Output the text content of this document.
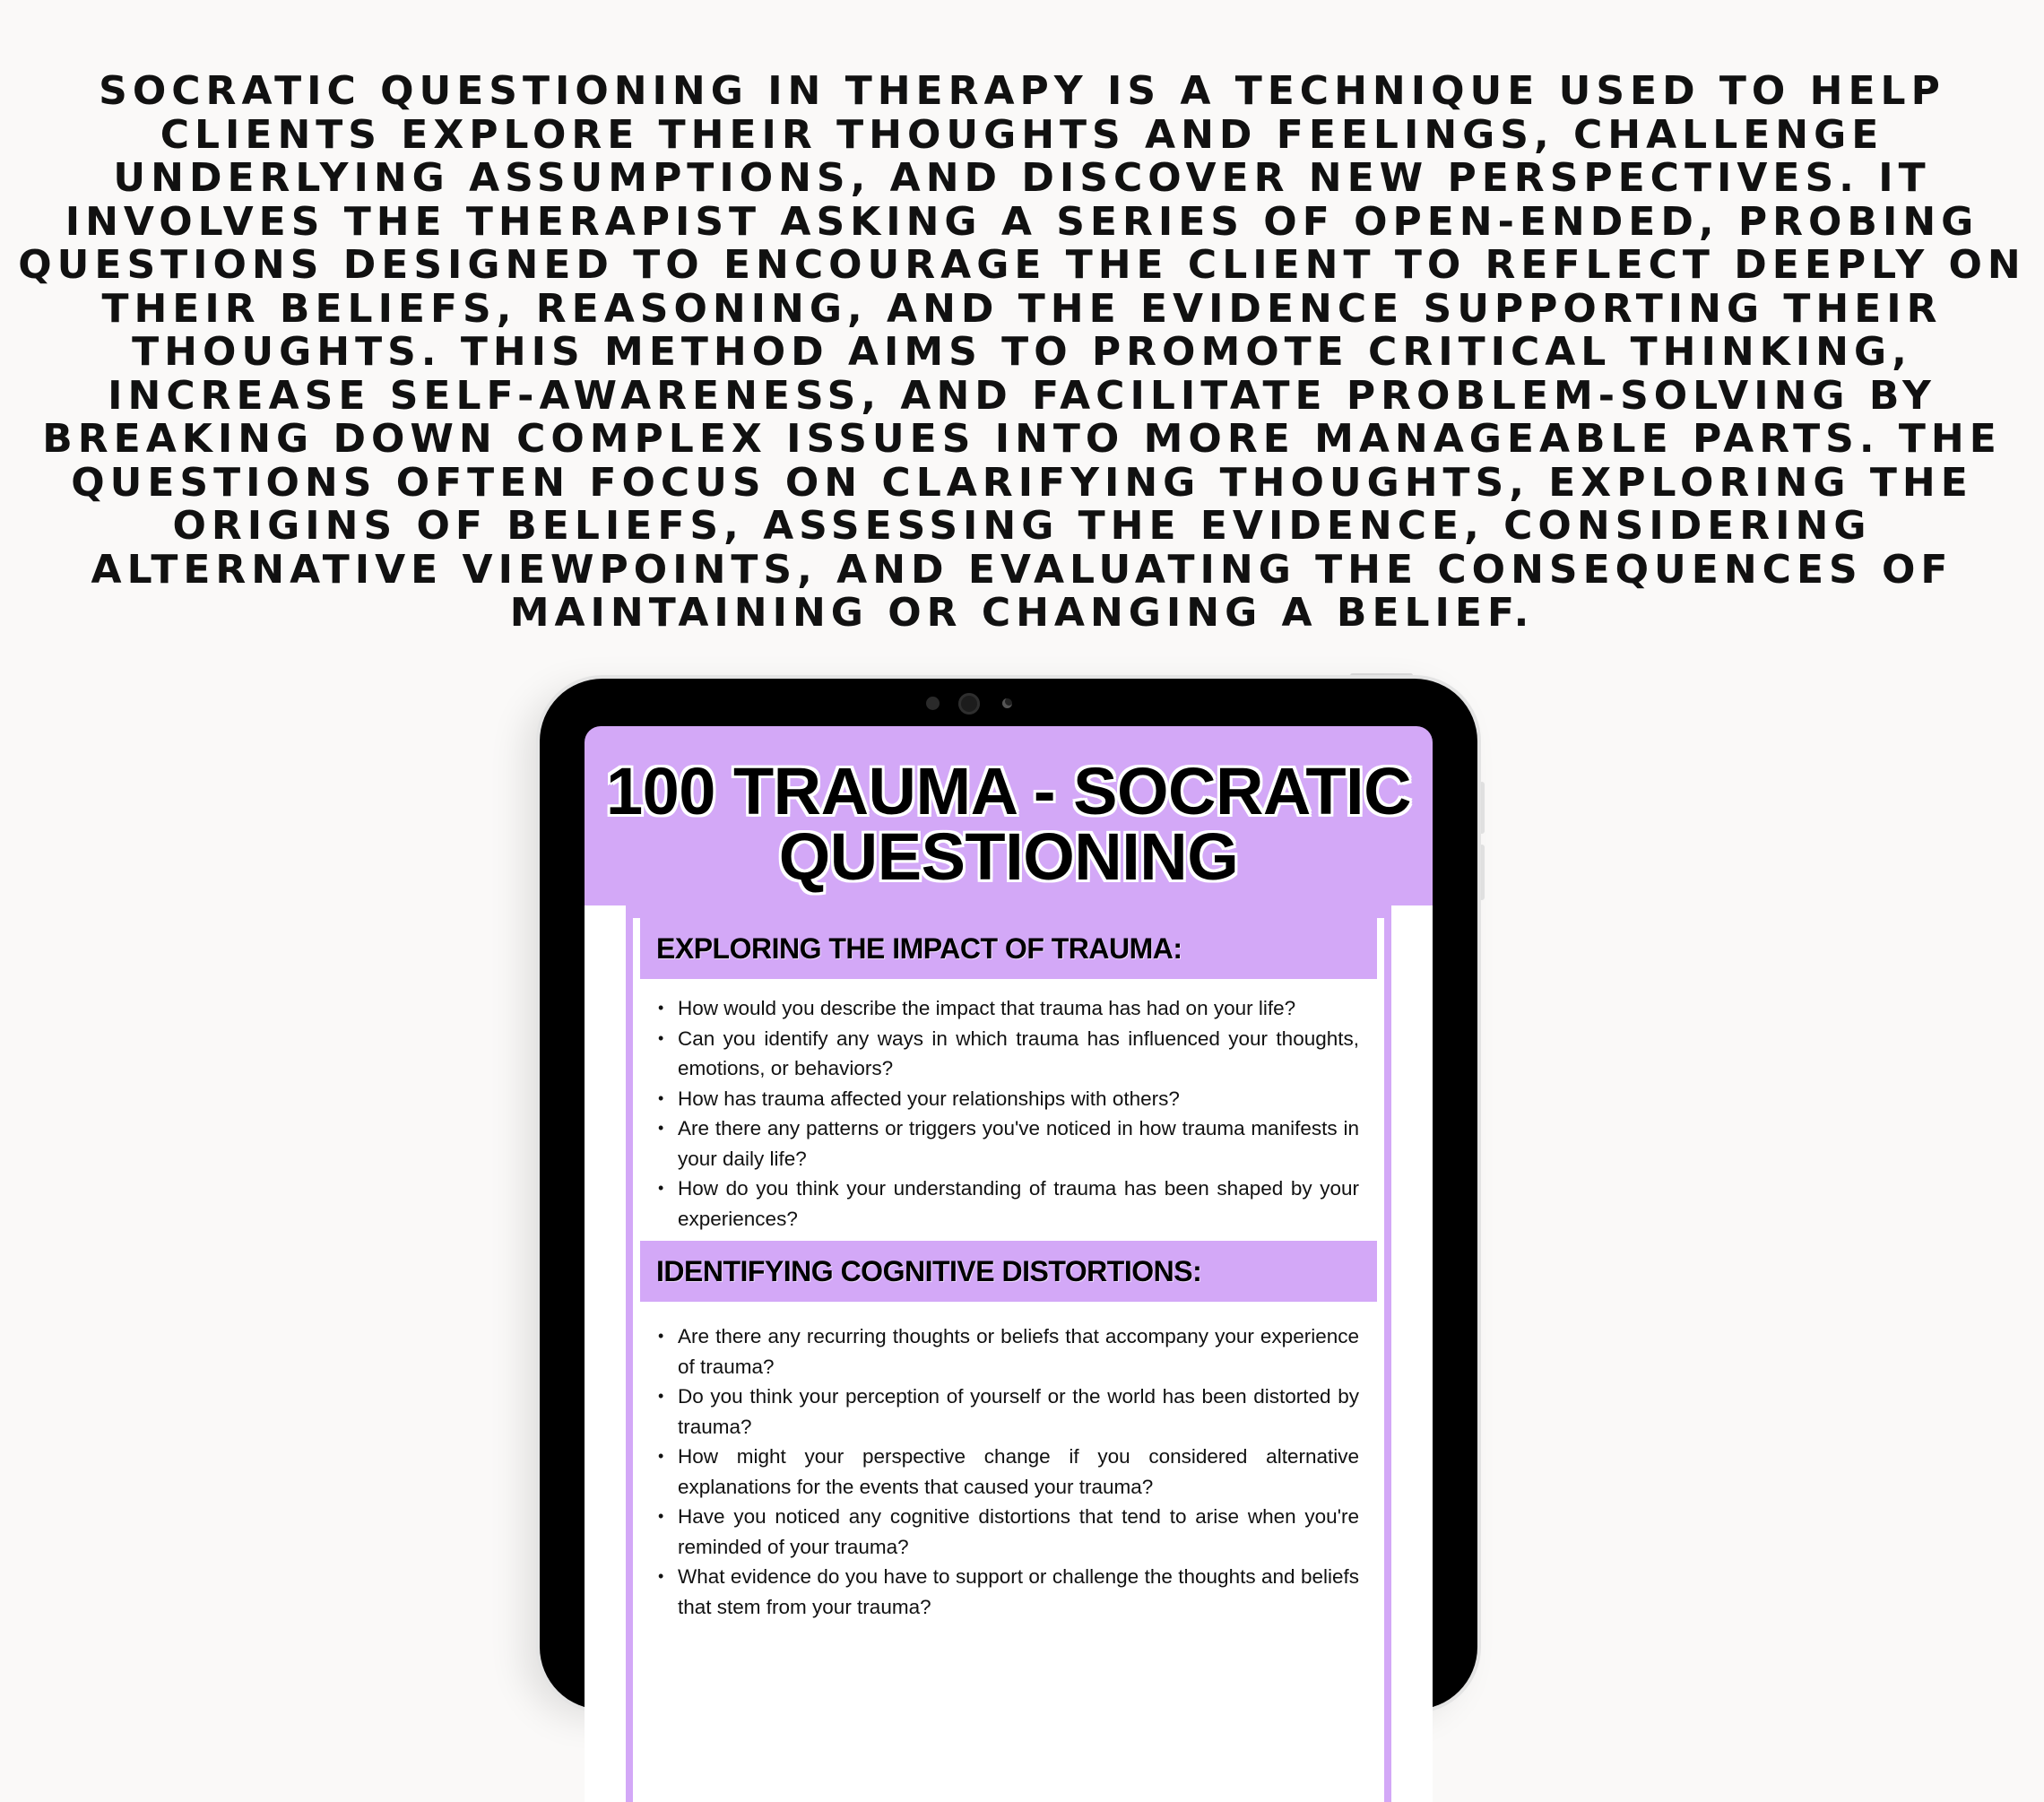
SOCRATIC QUESTIONING IN THERAPY IS A TECHNIQUE USED TO HELP CLIENTS EXPLORE THEIR THOUGHTS AND FEELINGS, CHALLENGE UNDERLYING ASSUMPTIONS, AND DISCOVER NEW PERSPECTIVES. IT INVOLVES THE THERAPIST ASKING A SERIES OF OPEN-ENDED, PROBING QUESTIONS DESIGNED TO ENCOURAGE THE CLIENT TO REFLECT DEEPLY ON THEIR BELIEFS, REASONING, AND THE EVIDENCE SUPPORTING THEIR THOUGHTS. THIS METHOD AIMS TO PROMOTE CRITICAL THINKING, INCREASE SELF-AWARENESS, AND FACILITATE PROBLEM-SOLVING BY BREAKING DOWN COMPLEX ISSUES INTO MORE MANAGEABLE PARTS. THE QUESTIONS OFTEN FOCUS ON CLARIFYING THOUGHTS, EXPLORING THE ORIGINS OF BELIEFS, ASSESSING THE EVIDENCE, CONSIDERING ALTERNATIVE VIEWPOINTS, AND EVALUATING THE CONSEQUENCES OF MAINTAINING OR CHANGING A BELIEF.

100 TRAUMA - SOCRATIC
QUESTIONING
EXPLORING THE IMPACT OF TRAUMA:
• How would you describe the impact that trauma has had on your life?
• Can you identify any ways in which trauma has influenced your thoughts, emotions, or behaviors?
• How has trauma affected your relationships with others?
• Are there any patterns or triggers you've noticed in how trauma manifests in your daily life?
• How do you think your understanding of trauma has been shaped by your experiences?
IDENTIFYING COGNITIVE DISTORTIONS:
• Are there any recurring thoughts or beliefs that accompany your experience of trauma?
• Do you think your perception of yourself or the world has been distorted by trauma?
• How might your perspective change if you considered alternative explanations for the events that caused your trauma?
• Have you noticed any cognitive distortions that tend to arise when you're reminded of your trauma?
• What evidence do you have to support or challenge the thoughts and beliefs that stem from your trauma?
